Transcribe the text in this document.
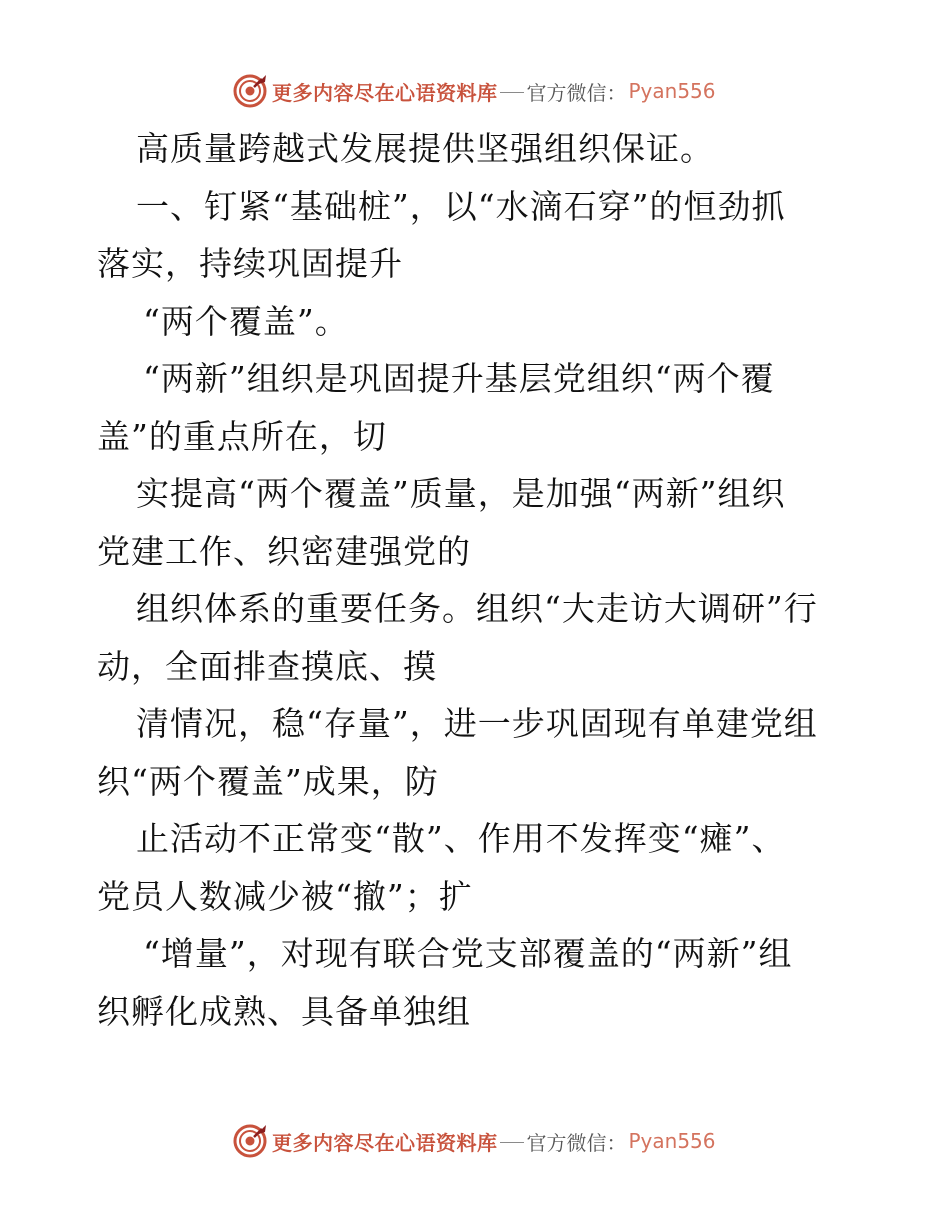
更多内容尽在心语资料库 官方微信： Pyan556
高质量跨越式发展提供坚强组织保证。
一、钉紧“基础桩”，以“水滴石穿”的恒劲抓
落实，持续巩固提升
“两个覆盖”。
“两新”组织是巩固提升基层党组织“两个覆
盖”的重点所在，切
实提高“两个覆盖”质量，是加强“两新”组织
党建工作、织密建强党的
组织体系的重要任务。组织“大走访大调研”行
动，全面排查摸底、摸
清情况，稳“存量”，进一步巩固现有单建党组
织“两个覆盖”成果，防
止活动不正常变“散”、作用不发挥变“瘫”、
党员人数减少被“撤”；扩
“增量”，对现有联合党支部覆盖的“两新”组
织孵化成熟、具备单独组
更多内容尽在心语资料库 官方微信： Pyan556
